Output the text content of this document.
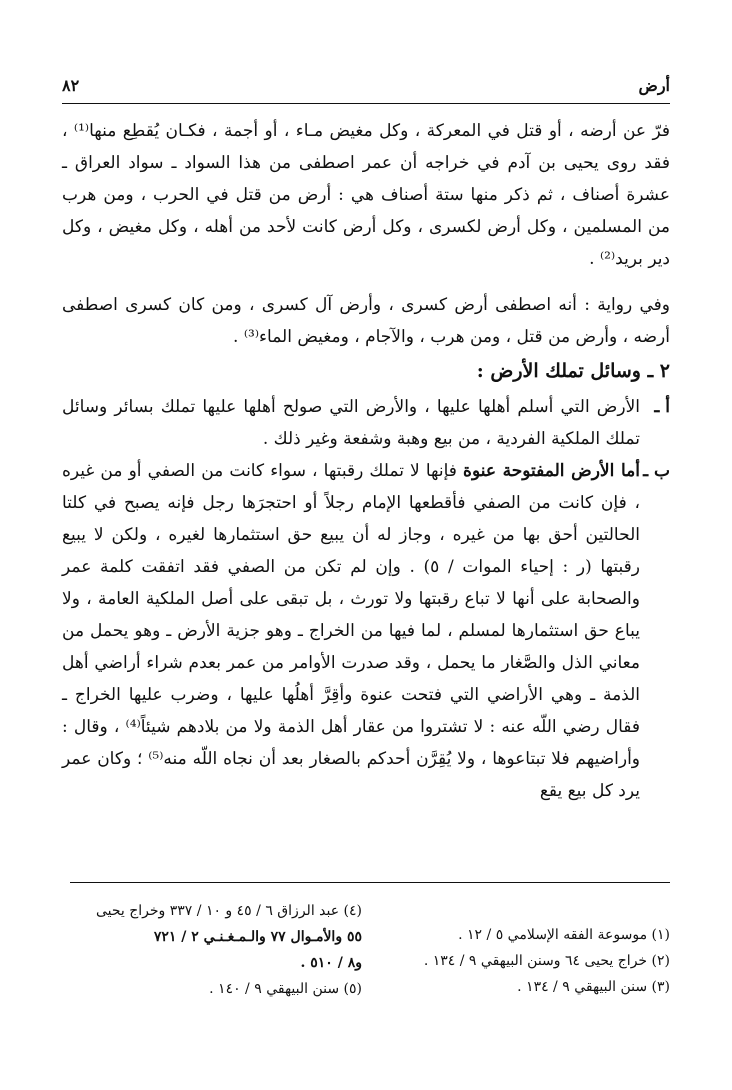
أرض
٨٢

فرّ عن أرضه ، أو قتل في المعركة ، وكل مغيض مـاء ، أو أجمة ، فكـان يُقطِع منها⁽¹⁾ ، فقد روى يحيى بن آدم في خراجه أن عمر اصطفى من هذا السواد ـ سواد العراق ـ عشرة أصناف ، ثم ذكر منها ستة أصناف هي : أرض من قتل في الحرب ، ومن هرب من المسلمين ، وكل أرض لكسرى ، وكل أرض كانت لأحد من أهله ، وكل مغيض ، وكل دير بريد⁽²⁾ .

وفي رواية : أنه اصطفى أرض كسرى ، وأرض آل كسرى ، ومن كان كسرى اصطفى أرضه ، وأرض من قتل ، ومن هرب ، والآجام ، ومغيض الماء⁽³⁾ .

٢ ـ وسائل تملك الأرض :
أ ـ

الأرض التي أسلم أهلها عليها ، والأرض التي صولح أهلها عليها تملك بسائر وسائل تملك الملكية الفردية ، من بيع وهبة وشفعة وغير ذلك .

ب ـ

أما الأرض المفتوحة عنوة فإنها لا تملك رقبتها ، سواء كانت من الصفي أو من غيره ، فإن كانت من الصفي فأقطعها الإمام رجلاً أو احتجرَها رجل فإنه يصبح في كلتا الحالتين أحق بها من غيره ، وجاز له أن يبيع حق استثمارها لغيره ، ولكن لا يبيع رقبتها (ر : إحياء الموات / ٥) . وإن لم تكن من الصفي فقد اتفقت كلمة عمر والصحابة على أنها لا تباع رقبتها ولا تورث ، بل تبقى على أصل الملكية العامة ، ولا يباع حق استثمارها لمسلم ، لما فيها من الخراج ـ وهو جزية الأرض ـ وهو يحمل من معاني الذل والصَّغار ما يحمل ، وقد صدرت الأوامر من عمر بعدم شراء أراضي أهل الذمة ـ وهي الأراضي التي فتحت عنوة وأقِرَّ أهلُها عليها ، وضرب عليها الخراج ـ فقال رضي اللّه عنه : لا تشتروا من عقار أهل الذمة ولا من بلادهم شيئاً⁽⁴⁾ ، وقال : وأراضيهم فلا تبتاعوها ، ولا يُقِرَّن أحدكم بالصغار بعد أن نجاه اللّه منه⁽⁵⁾ ؛ وكان عمر يرد كل بيع يقع

(١) موسوعة الفقه الإسلامي ٥ / ١٢ .

(٢) خراج يحيى ٦٤ وسنن البيهقي ٩ / ١٣٤ .

(٣) سنن البيهقي ٩ / ١٣٤ .

(٤) عبد الرزاق ٦ / ٤٥ و ١٠ / ٣٣٧ وخراج يحيى

٥٥ والأمـوال ٧٧ والـمـغـنـي ٢ / ٧٢١

و٨ / ٥١٠ .

(٥) سنن البيهقي ٩ / ١٤٠ .
